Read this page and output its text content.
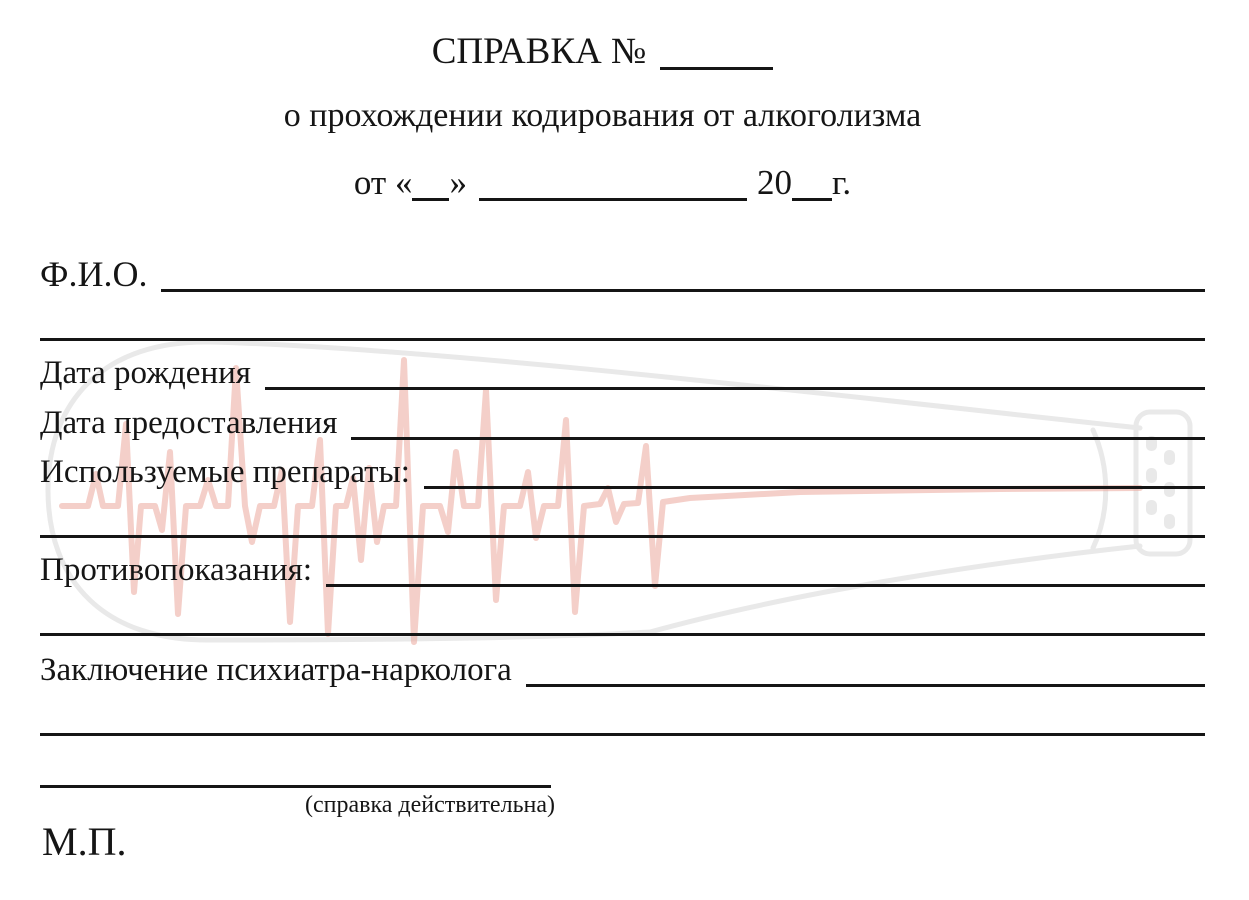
СПРАВКА №
о прохождении кодирования от алкоголизма
от « »	20 г.
Ф.И.О.
Дата рождения
Дата предоставления
Используемые препараты:
Противопоказания:
Заключение психиатра-нарколога
(справка действительна)
М.П.
